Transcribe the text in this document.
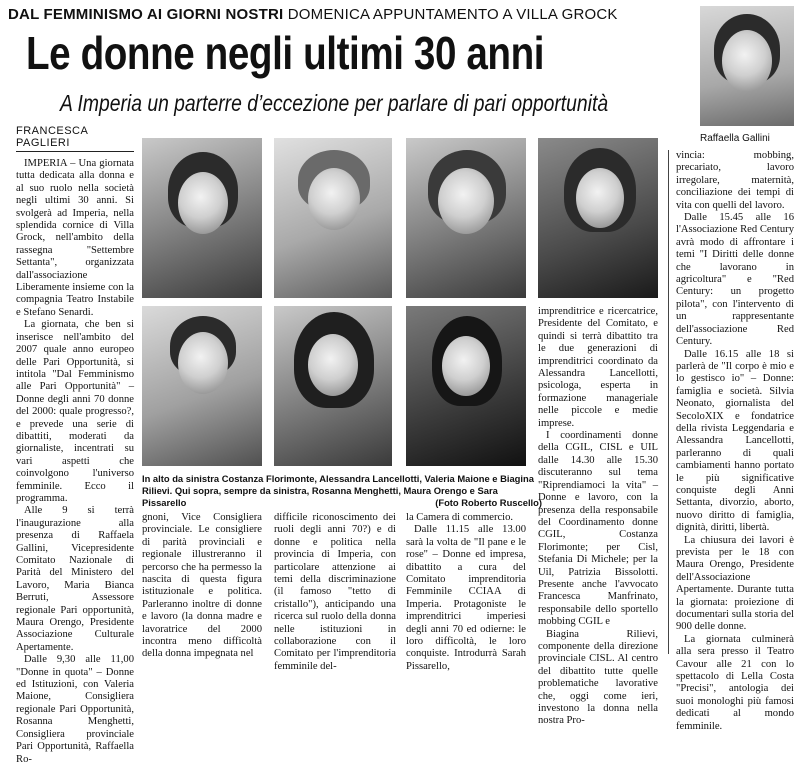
DAL FEMMINISMO AI GIORNI NOSTRI DOMENICA APPUNTAMENTO A VILLA GROCK
Le donne negli ultimi 30 anni
A Imperia un parterre d’eccezione per parlare di pari opportunità
FRANCESCA PAGLIERI	Raffaella Gallini
In alto da sinistra Costanza Florimonte, Alessandra Lancellotti, Valeria Maione e Biagina Rilievi. Qui sopra, sempre da sinistra, Rosanna Menghetti, Maura Orengo e Sara Pissarello	(Foto Roberto Ruscello)

IMPERIA – Una giornata tutta dedicata alla donna e al suo ruolo nella società negli ultimi 30 anni. Si svolgerà ad Imperia, nella splendida cornice di Villa Grock, nell'ambito della rassegna "Settembre Settanta", organizzata dall'associazione Liberamente insieme con la compagnia Teatro Instabile e Stefano Senardi.

La giornata, che ben si inserisce nell'ambito del 2007 quale anno europeo delle Pari Opportunità, si intitola "Dal Femminismo alle Pari Opportunità" – Donne degli anni 70 donne del 2000: quale progresso?, e prevede una serie di dibattiti, moderati da giornaliste, incentrati su vari aspetti che coinvolgono l'universo femminile. Ecco il programma.

Alle 9 si terrà l'inaugurazione alla presenza di Raffaela Gallini, Vicepresidente Comitato Nazionale di Parità del Ministero del Lavoro, Maria Bianca Berruti, Assessore regionale Pari opportunità, Maura Orengo, Presidente Associazione Culturale Apertamente.

Dalle 9,30 alle 11,00 "Donne in quota" – Donne ed Istituzioni, con Valeria Maione, Consigliera regionale Pari Opportunità, Rosanna Menghetti, Consigliera provinciale Pari Opportunità, Raffaella Ro-

gnoni, Vice Consigliera provinciale. Le consigliere di parità provinciali e regionale illustreranno il percorso che ha permesso la nascita di questa figura istituzionale e politica. Parleranno inoltre di donne e lavoro (la donna madre e lavoratrice del 2000 incontra meno difficoltà della donna impegnata nel

difficile riconoscimento dei ruoli degli anni 70?) e di donne e politica nella provincia di Imperia, con particolare attenzione ai temi della discriminazione (il famoso "tetto di cristallo"), anticipando una ricerca sul ruolo della donna nelle istituzioni in collaborazione con il Comitato per l'imprenditoria femminile del-

la Camera di commercio.

Dalle 11.15 alle 13.00 sarà la volta de "Il pane e le rose" – Donne ed impresa, dibattito a cura del Comitato imprenditoria Femminile CCIAA di Imperia. Protagoniste le imprenditrici imperiesi degli anni 70 ed odierne: le loro difficoltà, le loro conquiste. Introdurrà Sarah Pissarello,

imprenditrice e ricercatrice, Presidente del Comitato, e quindi si terrà dibattito tra le due generazioni di imprenditrici coordinato da Alessandra Lancellotti, psicologa, esperta in formazione manageriale nelle piccole e medie imprese.

I coordinamenti donne della CGIL, CISL e UIL dalle 14.30 alle 15.30 discuteranno sul tema "Riprendiamoci la vita" – Donne e lavoro, con la presenza della responsabile del Coordinamento donne CGIL, Costanza Florimonte; per Cisl, Stefania Di Michele; per la Uil, Patrizia Bissolotti. Presente anche l'avvocato Francesca Manfrinato, responsabile dello sportello mobbing CGIL e

Biagina Rilievi, componente della direzione provinciale CISL. Al centro del dibattito tutte quelle problematiche lavorative che, oggi come ieri, investono la donna nella nostra Pro-

vincia: mobbing, precariato, lavoro irregolare, maternità, conciliazione dei tempi di vita con quelli del lavoro.

Dalle 15.45 alle 16 l'Associazione Red Century avrà modo di affrontare i temi "I Diritti delle donne che lavorano in agricoltura" e "Red Century: un progetto pilota", con l'intervento di un rappresentante dell'associazione Red Century.

Dalle 16.15 alle 18 si parlerà de "Il corpo è mio e lo gestisco io" – Donne: famiglia e società. Silvia Neonato, giornalista del SecoloXIX e fondatrice della rivista Leggendaria e Alessandra Lancellotti, parleranno di quali cambiamenti hanno portato le più significative conquiste degli Anni Settanta, divorzio, aborto, nuovo diritto di famiglia, dignità, diritti, libertà.

La chiusura dei lavori è prevista per le 18 con Maura Orengo, Presidente dell'Associazione Apertamente. Durante tutta la giornata: proiezione di documentari sulla storia del 900 delle donne.

La giornata culminerà alla sera presso il Teatro Cavour alle 21 con lo spettacolo di Lella Costa "Precisi", antologia dei suoi monologhi più famosi dedicati al mondo femminile.
